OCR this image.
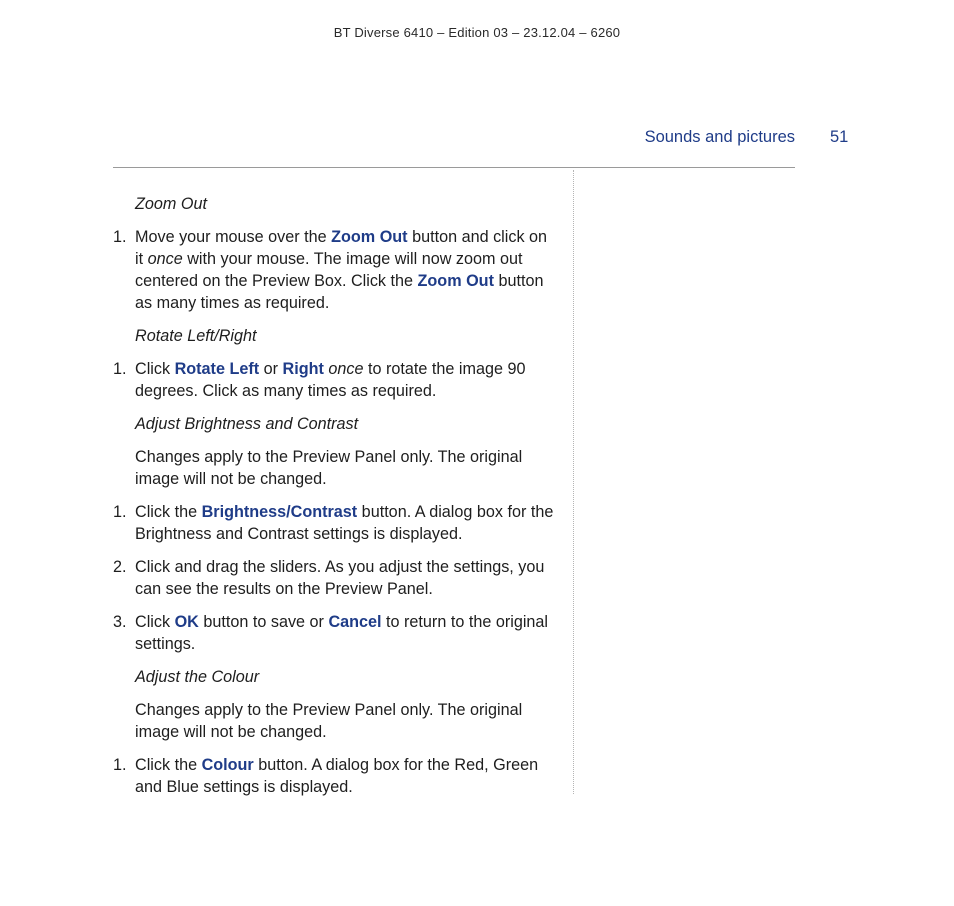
BT Diverse 6410 – Edition 03 – 23.12.04 – 6260
Sounds and pictures 51
Zoom Out
1. Move your mouse over the Zoom Out button and click on it once with your mouse. The image will now zoom out centered on the Preview Box. Click the Zoom Out button as many times as required.
Rotate Left/Right
1. Click Rotate Left or Right once to rotate the image 90 degrees. Click as many times as required.
Adjust Brightness and Contrast
Changes apply to the Preview Panel only. The original image will not be changed.
1. Click the Brightness/Contrast button. A dialog box for the Brightness and Contrast settings is displayed.
2. Click and drag the sliders. As you adjust the settings, you can see the results on the Preview Panel.
3. Click OK button to save or Cancel to return to the original settings.
Adjust the Colour
Changes apply to the Preview Panel only. The original image will not be changed.
1. Click the Colour button. A dialog box for the Red, Green and Blue settings is displayed.
